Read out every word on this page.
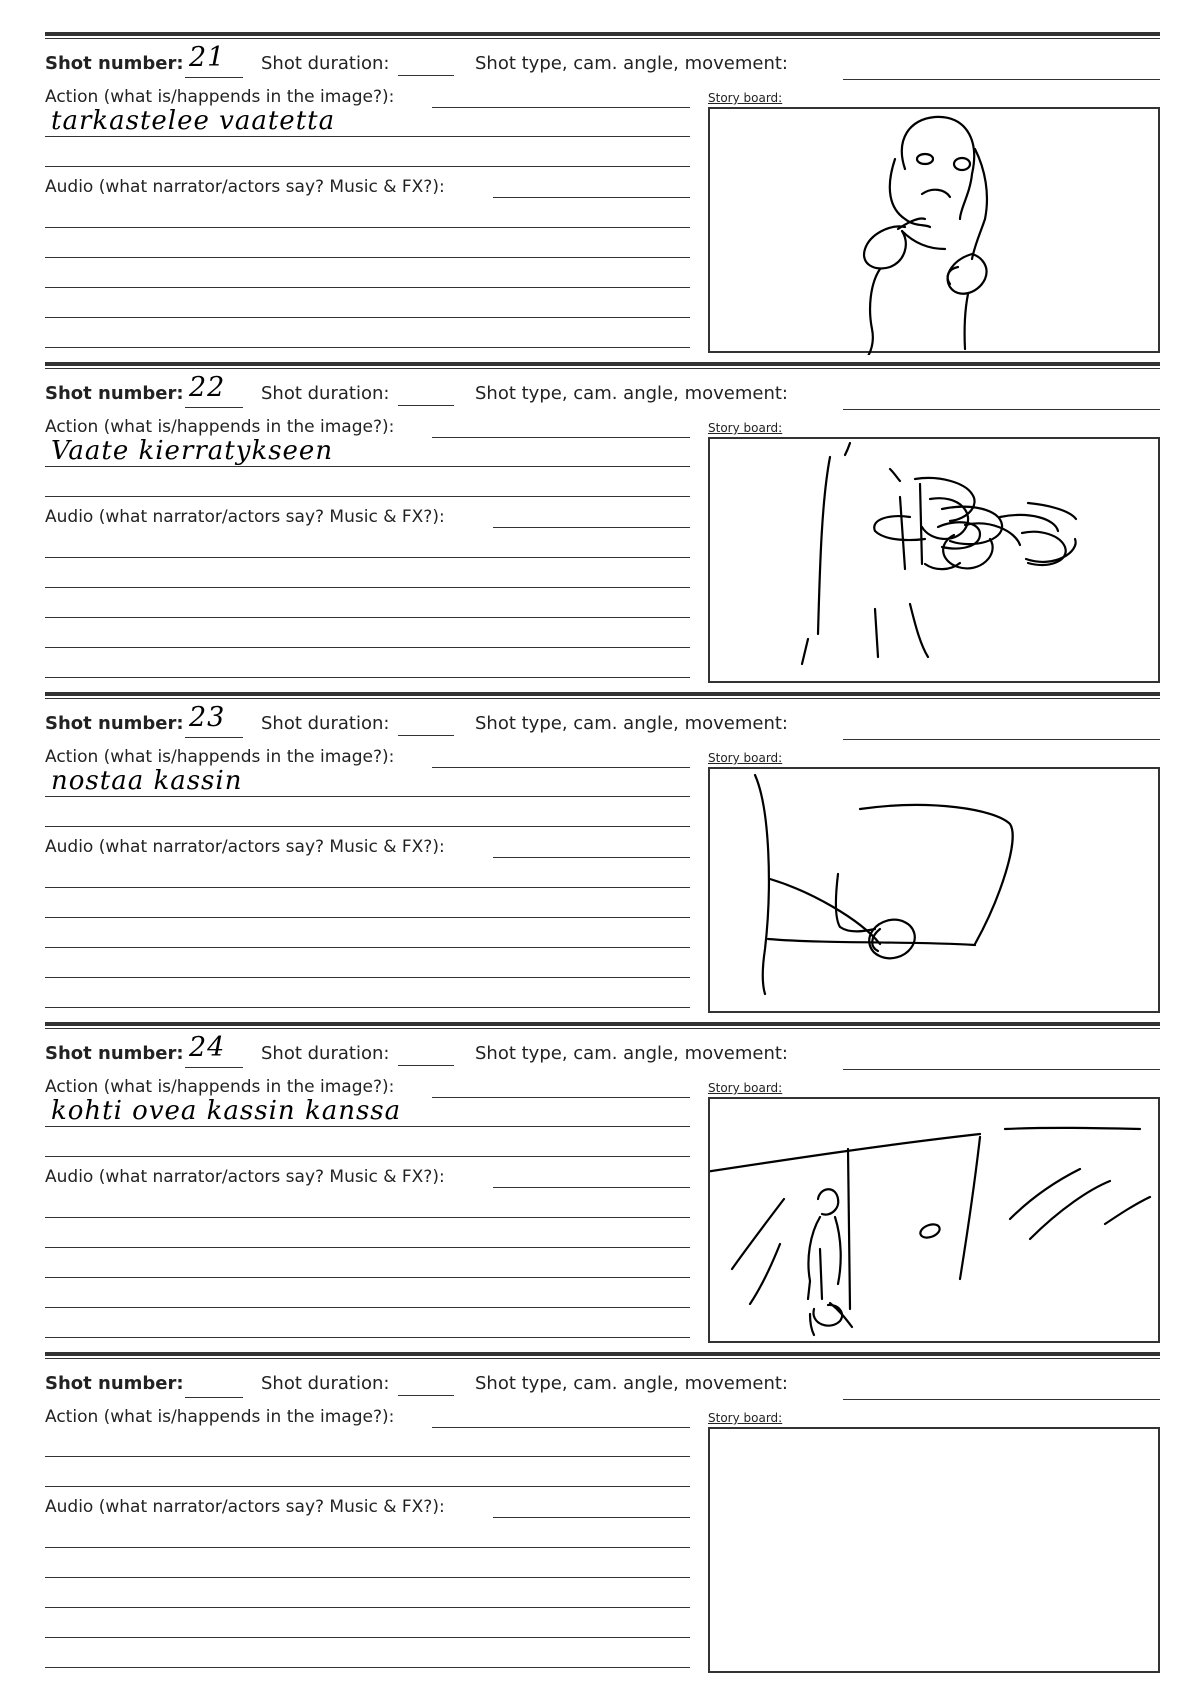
Shot number: 21 Shot duration:	Shot type, cam. angle, movement:
Action (what is/happends in the image?):
tarkastelee vaatetta
Audio (what narrator/actors say? Music & FX?):
Story board:
Shot number: 22 Shot duration:	Shot type, cam. angle, movement:
Action (what is/happends in the image?):
Vaate kierratykseen
Audio (what narrator/actors say? Music & FX?):
Story board:
Shot number: 23 Shot duration:	Shot type, cam. angle, movement:
Action (what is/happends in the image?):
nostaa kassin
Audio (what narrator/actors say? Music & FX?):
Story board:
Shot number: 24 Shot duration:	Shot type, cam. angle, movement:
Action (what is/happends in the image?):
kohti ovea kassin kanssa
Audio (what narrator/actors say? Music & FX?):
Story board:
Shot number:	Shot duration:	Shot type, cam. angle, movement:
Action (what is/happends in the image?):
Audio (what narrator/actors say? Music & FX?):
Story board:
